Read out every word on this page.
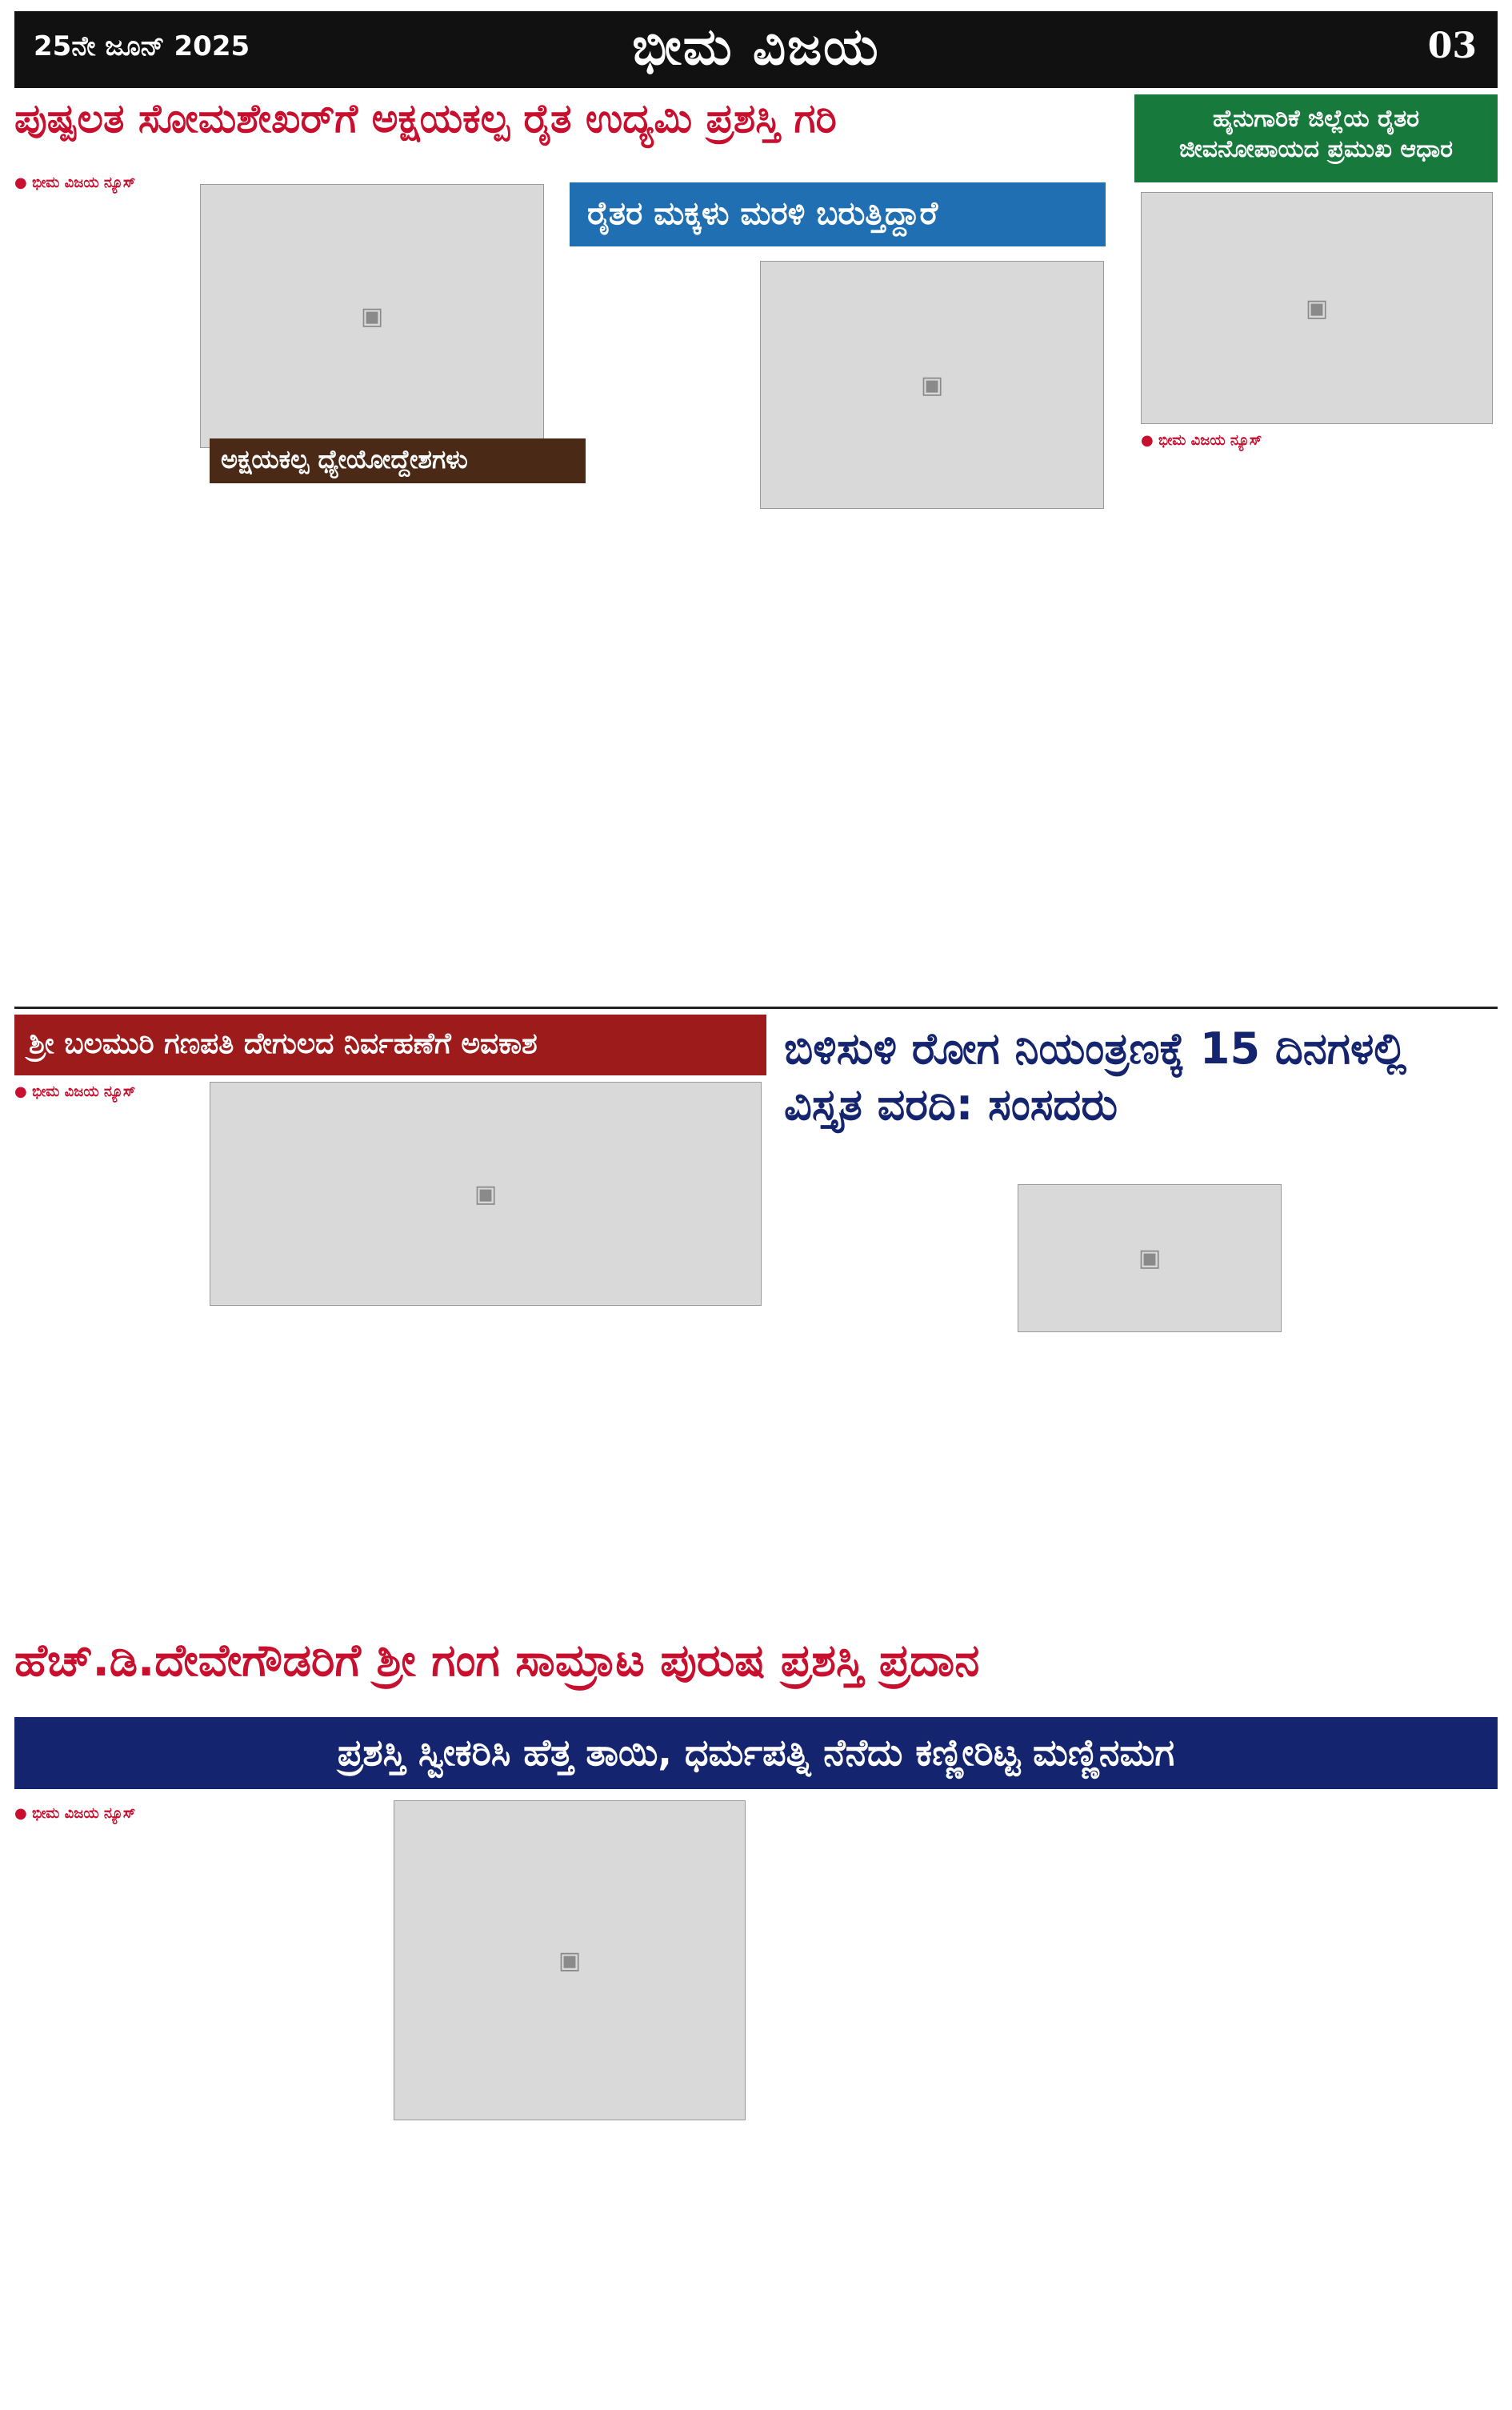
25ನೇ ಜೂನ್ 2025	ಭೀಮ ವಿಜಯ	03
ಪುಷ್ಪಲತ ಸೋಮಶೇಖರ್‌ಗೆ ಅಕ್ಷಯಕಲ್ಪ ರೈತ ಉದ್ಯಮಿ ಪ್ರಶಸ್ತಿ ಗರಿ
● ಭೀಮ ವಿಜಯ ನ್ಯೂಸ್
▣
ಅಕ್ಷಯಕಲ್ಪ ಧ್ಯೇಯೋದ್ದೇಶಗಳು
ರೈತರ ಮಕ್ಕಳು ಮರಳಿ ಬರುತ್ತಿದ್ದಾರೆ
▣
ಹೈನುಗಾರಿಕೆ ಜಿಲ್ಲೆಯ ರೈತರ ಜೀವನೋಪಾಯದ ಪ್ರಮುಖ ಆಧಾರ
▣
● ಭೀಮ ವಿಜಯ ನ್ಯೂಸ್
ಶ್ರೀ ಬಲಮುರಿ ಗಣಪತಿ ದೇಗುಲದ ನಿರ್ವಹಣೆಗೆ ಅವಕಾಶ
● ಭೀಮ ವಿಜಯ ನ್ಯೂಸ್
▣
ಬಿಳಿಸುಳಿ ರೋಗ ನಿಯಂತ್ರಣಕ್ಕೆ 15 ದಿನಗಳಲ್ಲಿ ವಿಸ್ತೃತ ವರದಿ: ಸಂಸದರು
▣
ಹೆಚ್.ಡಿ.ದೇವೇಗೌಡರಿಗೆ ಶ್ರೀ ಗಂಗ ಸಾಮ್ರಾಟ ಪುರುಷ ಪ್ರಶಸ್ತಿ ಪ್ರದಾನ
ಪ್ರಶಸ್ತಿ ಸ್ವೀಕರಿಸಿ ಹೆತ್ತ ತಾಯಿ, ಧರ್ಮಪತ್ನಿ ನೆನೆದು ಕಣ್ಣೀರಿಟ್ಟ ಮಣ್ಣಿನಮಗ
● ಭೀಮ ವಿಜಯ ನ್ಯೂಸ್
▣
